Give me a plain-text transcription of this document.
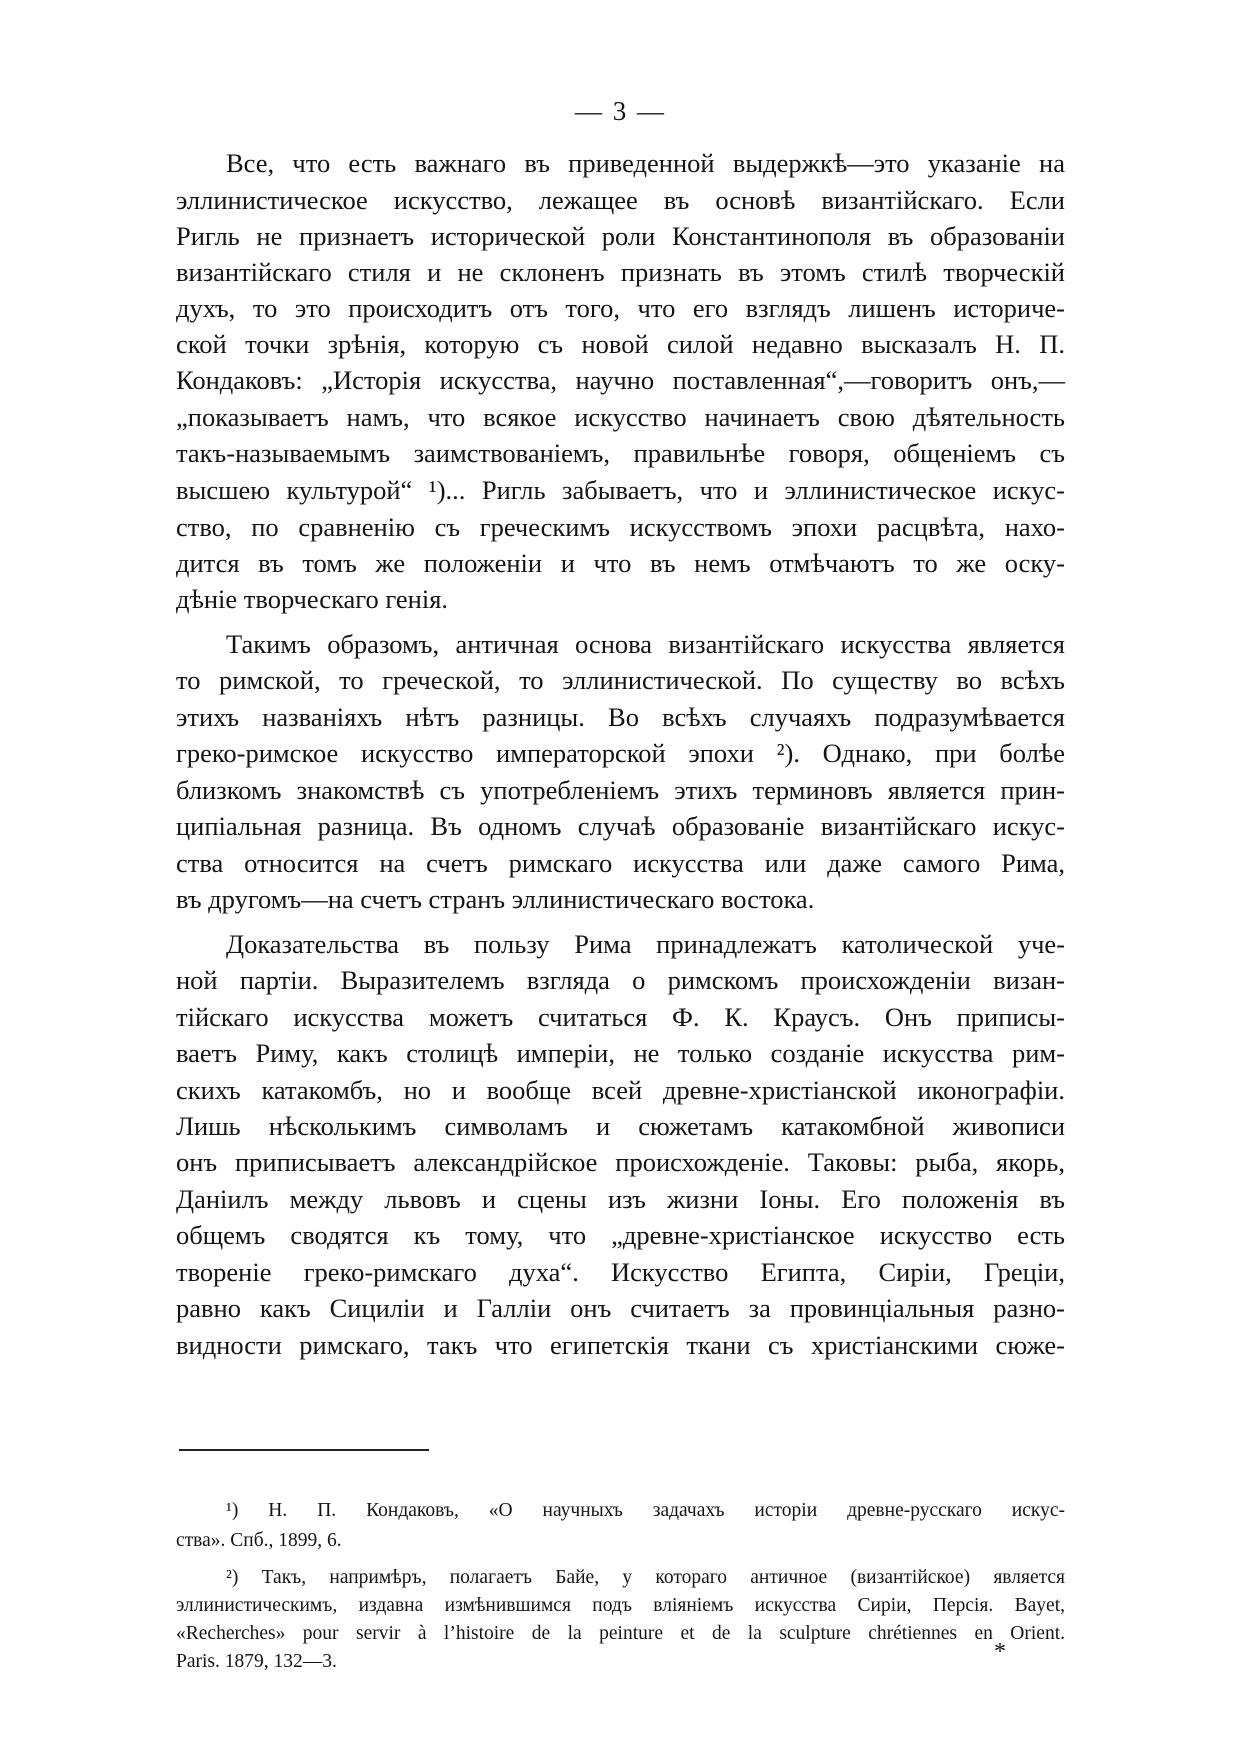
— 3 —
Все, что есть важнаго въ приведенной выдержкѣ—это указаніе на
эллинистическое искусство, лежащее въ основѣ византійскаго. Если
Ригль не признаетъ исторической роли Константинополя въ образованіи
византійскаго стиля и не склоненъ признать въ этомъ стилѣ творческій
духъ, то это происходитъ отъ того, что его взглядъ лишенъ историче-
ской точки зрѣнія, которую съ новой силой недавно высказалъ Н. П.
Кондаковъ: „Исторія искусства, научно поставленная“,—говоритъ онъ,—
„показываетъ намъ, что всякое искусство начинаетъ свою дѣятельность
такъ-называемымъ заимствованіемъ, правильнѣе говоря, общеніемъ съ
высшею культурой“ ¹)... Ригль забываетъ, что и эллинистическое искус-
ство, по сравненію съ греческимъ искусствомъ эпохи расцвѣта, нахо-
дится въ томъ же положеніи и что въ немъ отмѣчаютъ то же оску-
дѣніе творческаго генія.
Такимъ образомъ, античная основа византійскаго искусства является
то римской, то греческой, то эллинистической. По существу во всѣхъ
этихъ названіяхъ нѣтъ разницы. Во всѣхъ случаяхъ подразумѣвается
греко-римское искусство императорской эпохи ²). Однако, при болѣе
близкомъ знакомствѣ съ употребленіемъ этихъ терминовъ является прин-
ципіальная разница. Въ одномъ случаѣ образованіе византійскаго искус-
ства относится на счетъ римскаго искусства или даже самого Рима,
въ другомъ—на счетъ странъ эллинистическаго востока.
Доказательства въ пользу Рима принадлежатъ католической уче-
ной партіи. Выразителемъ взгляда о римскомъ происхожденіи визан-
тійскаго искусства можетъ считаться Ф. К. Краусъ. Онъ приписы-
ваетъ Риму, какъ столицѣ имперіи, не только созданіе искусства рим-
скихъ катакомбъ, но и вообще всей древне-христіанской иконографіи.
Лишь нѣсколькимъ символамъ и сюжетамъ катакомбной живописи
онъ приписываетъ александрійское происхожденіе. Таковы: рыба, якорь,
Даніилъ между львовъ и сцены изъ жизни Іоны. Его положенія въ
общемъ сводятся къ тому, что „древне-христіанское искусство есть
твореніе греко-римскаго духа“. Искусство Египта, Сиріи, Греціи,
равно какъ Сициліи и Галліи онъ считаетъ за провинціальныя разно-
видности римскаго, такъ что египетскія ткани съ христіанскими сюже-
¹) Н. П. Кондаковъ, «О научныхъ задачахъ исторіи древне-русскаго искус-
ства». Спб., 1899, 6.
²) Такъ, напримѣръ, полагаетъ Байе, у котораго античное (византійское) является
эллинистическимъ, издавна измѣнившимся подъ вліяніемъ искусства Сиріи, Персія. Bayet,
«Recherches» pour servir à l’histoire de la peinture et de la sculpture chrétiennes en Orient.
Paris. 1879, 132—3.	*
